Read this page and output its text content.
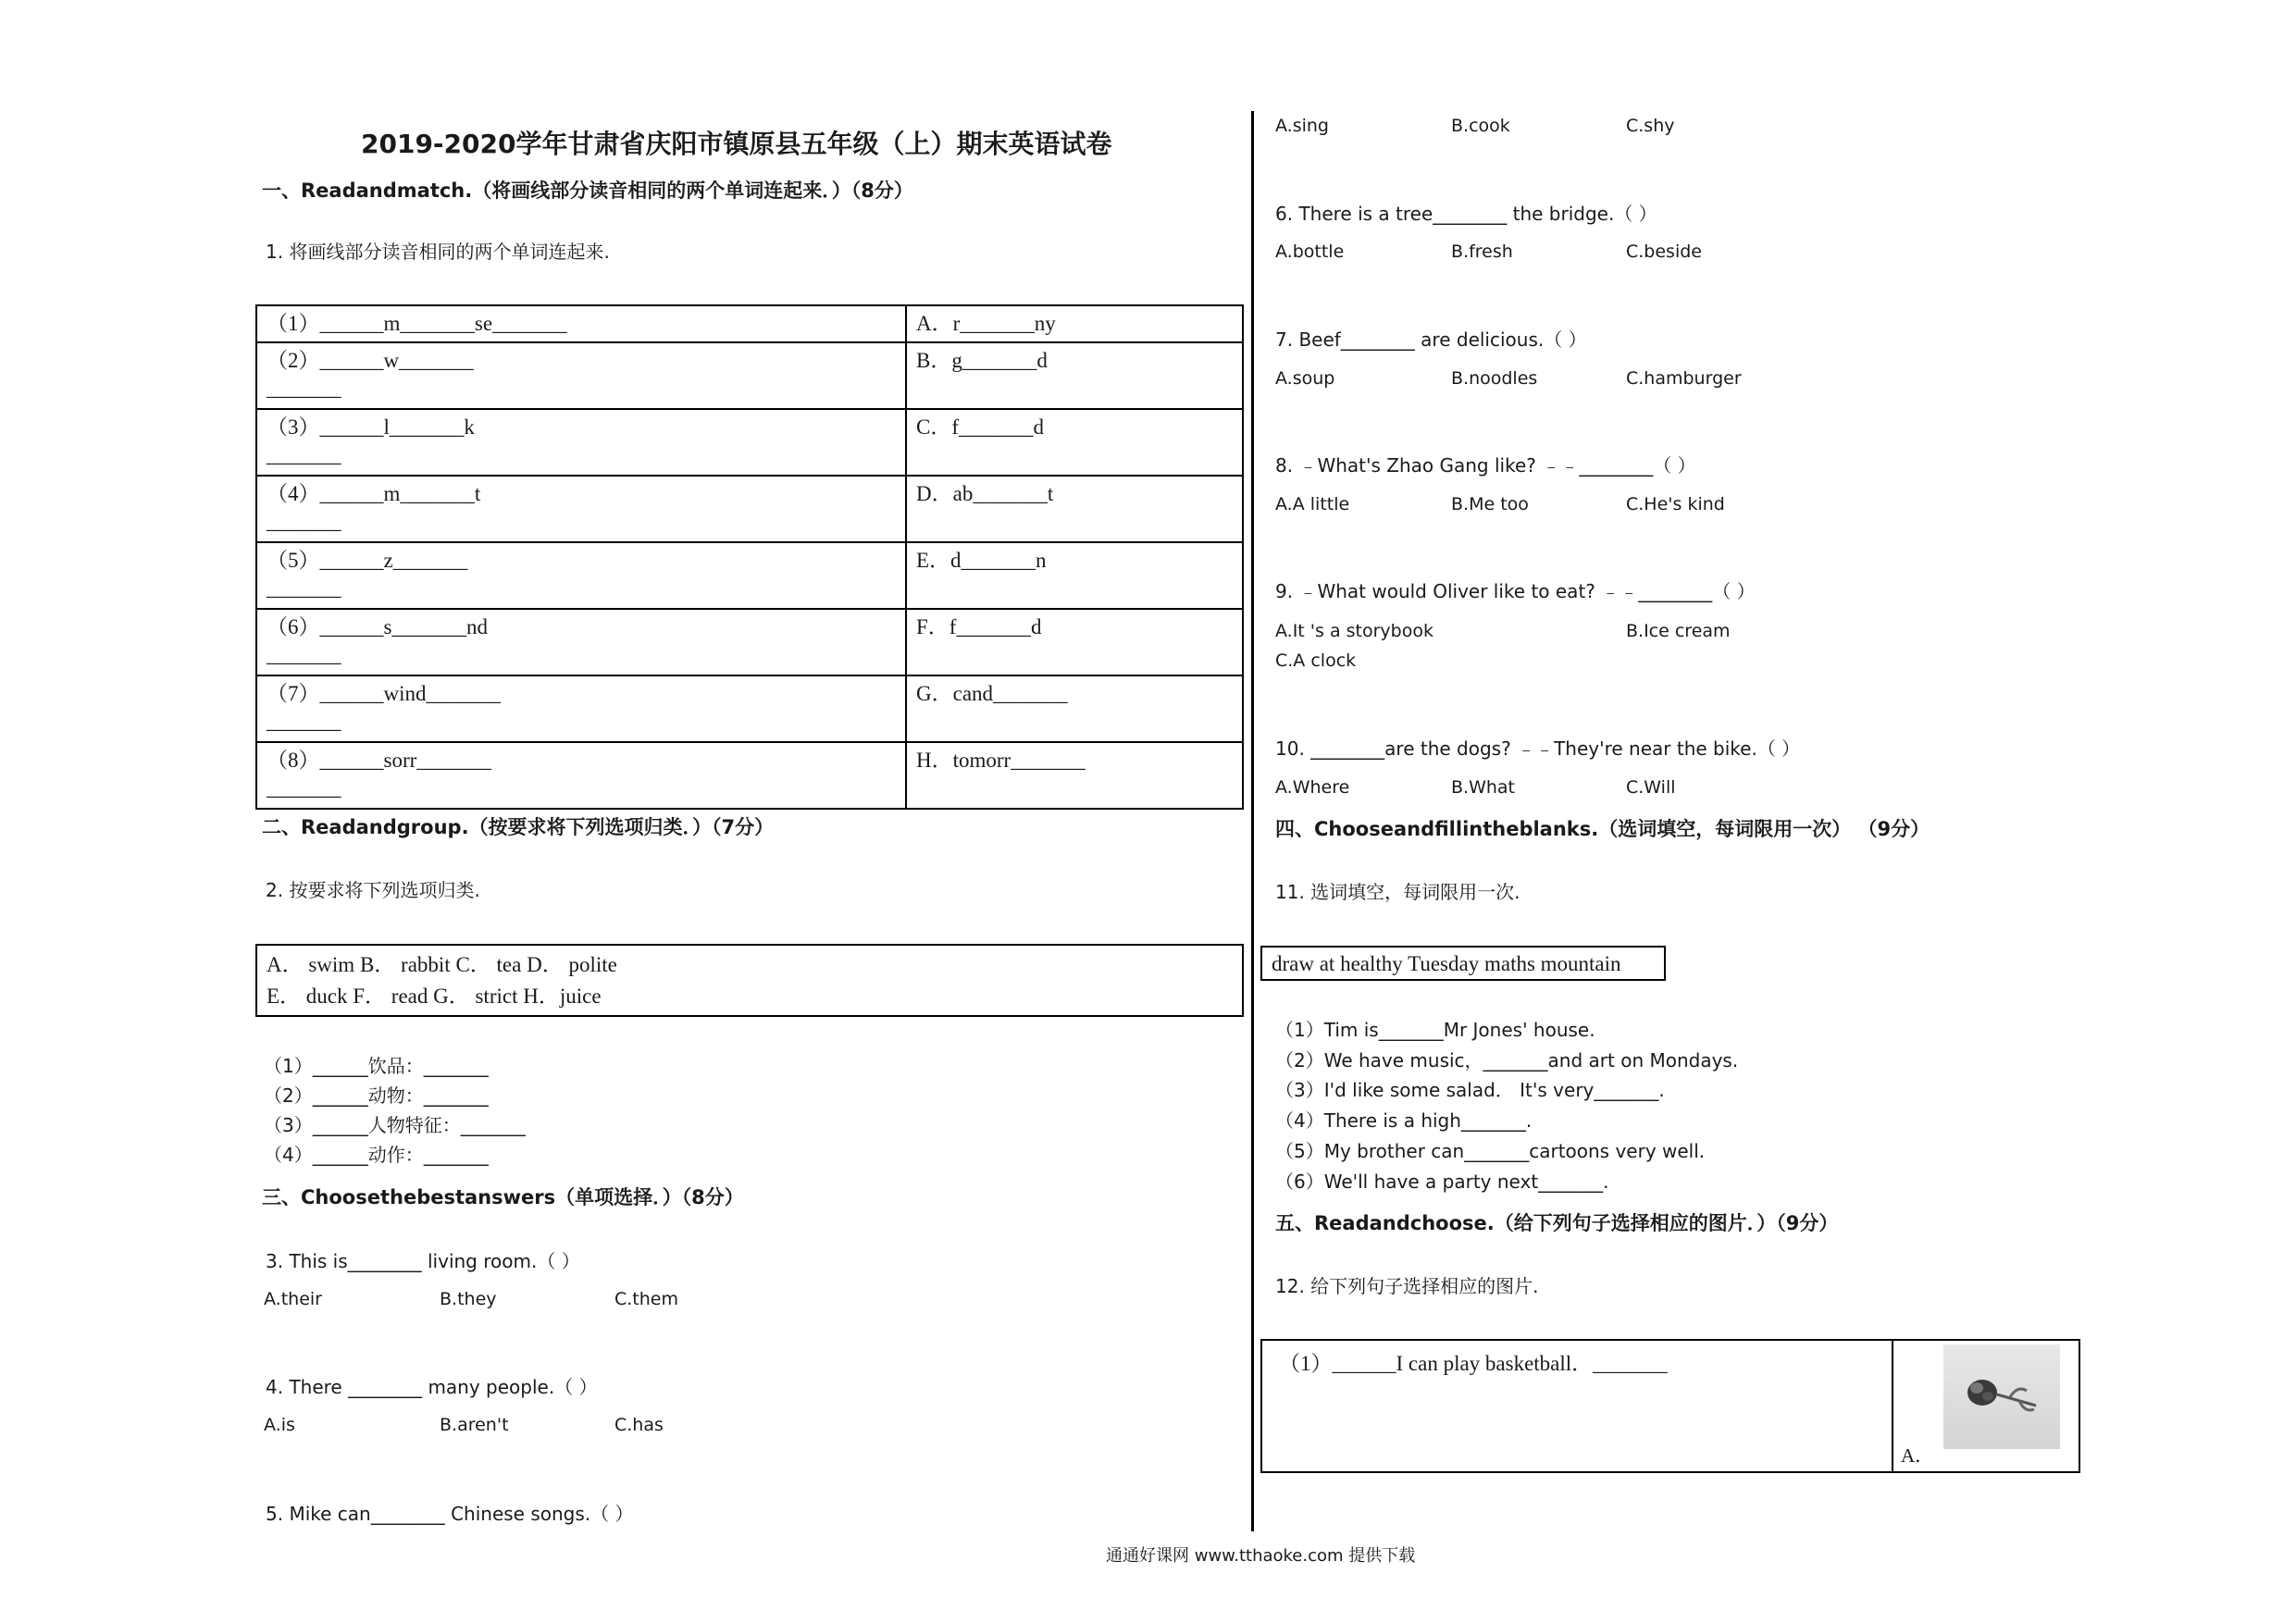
2019-2020学年甘肃省庆阳市镇原县五年级（上）期末英语试卷
一、Readandmatch.（将画线部分读音相同的两个单词连起来．）（8分）
1. 将画线部分读音相同的两个单词连起来.
（1）______m_______se_______	A．r_______ny

（2）______w_______
_______	B．g_______d

（3）______l_______k
_______	C．f_______d

（4）______m_______t
_______	D．ab_______t

（5）______z_______
_______	E．d_______n

（6）______s_______nd
_______	F．f_______d

（7）______wind_______
_______	G．cand_______

（8）______sorr_______
_______	H．tomorr_______
二、Readandgroup.（按要求将下列选项归类．）（7分）
2. 按要求将下列选项归类.
A． swim B． rabbit C． tea D． polite
E． duck F． read G． strict H．juice
（1）______饮品：_______
（2）______动物：_______
（3）______人物特征：_______
（4）______动作：_______
三、Choosethebestanswers（单项选择．）（8分）
3. This is________ living room.（ ）
A.their	B.they	C.them
4. There ________ many people.（ ）
A.is	B.aren't	C.has
5. Mike can________ Chinese songs.（ ）
A.sing	B.cook	C.shy
6. There is a tree________ the bridge.（ ）
A.bottle	B.fresh	C.beside
7. Beef________ are delicious.（ ）
A.soup	B.noodles	C.hamburger
8. ﹣What's Zhao Gang like? ﹣﹣________（ ）
A.A little	B.Me too	C.He's kind
9. ﹣What would Oliver like to eat? ﹣﹣________（ ）
A.It 's a storybook	B.Ice cream
C.A clock
10. ________are the dogs? ﹣﹣They're near the bike.（ ）
A.Where	B.What	C.Will
四、Chooseandfillintheblanks.（选词填空，每词限用一次） （9分）
11. 选词填空，每词限用一次.
draw at healthy Tuesday maths mountain
（1）Tim is_______Mr Jones' house.
（2）We have music，_______and art on Mondays.
（3）I'd like some salad． It's very_______.
（4）There is a high_______.
（5）My brother can_______cartoons very well.
（6）We'll have a party next_______.
五、Readandchoose.（给下列句子选择相应的图片．）（9分）
12. 给下列句子选择相应的图片.
（1）______I can play basketball．_______
A．
通通好课网 www.tthaoke.com 提供下载
